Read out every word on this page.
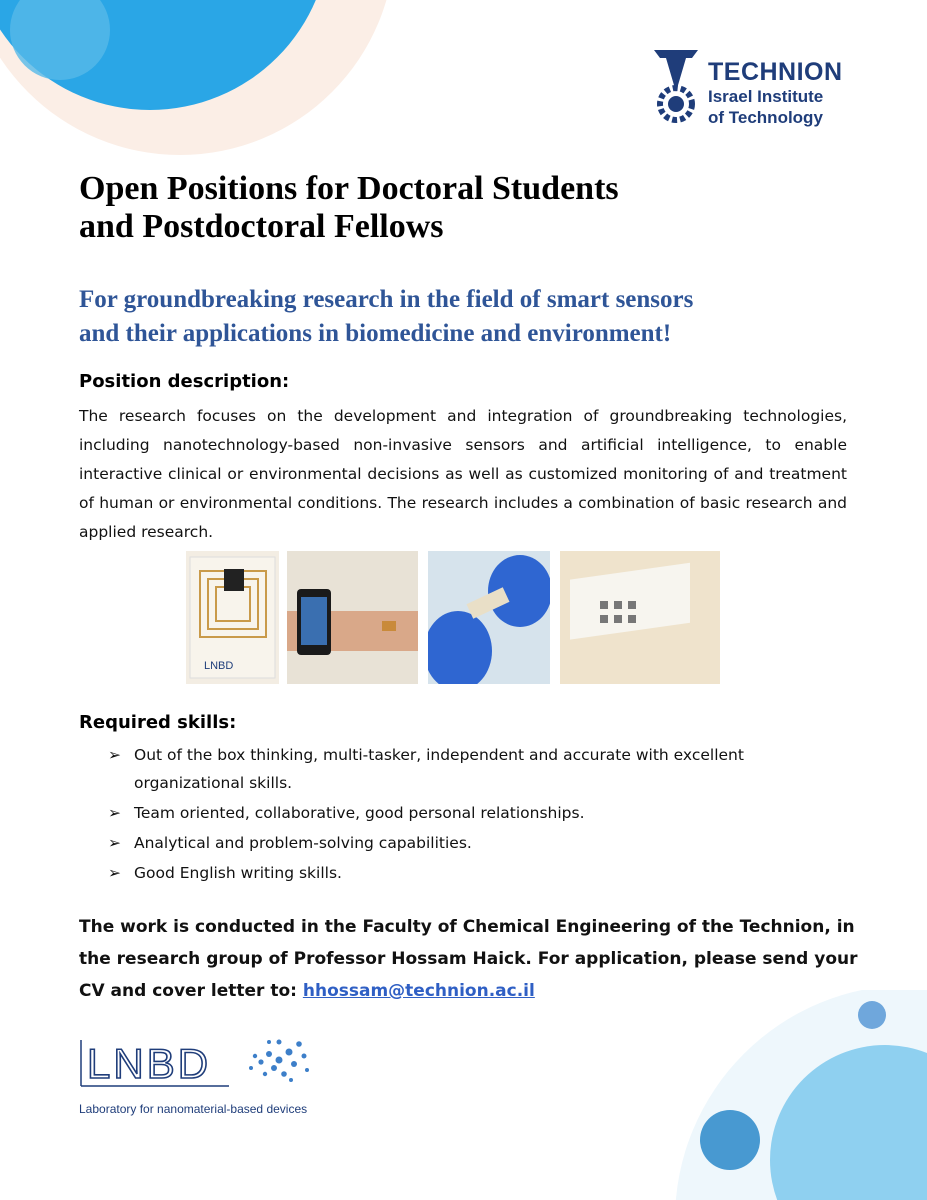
TECHNION
Israel Institute
of Technology
Open Positions for Doctoral Students
and Postdoctoral Fellows

For groundbreaking research in the field of smart sensors
and their applications in biomedicine and environment!

Position description:

The research focuses on the development and integration of groundbreaking technologies, including nanotechnology-based non-invasive sensors and artificial intelligence, to enable interactive clinical or environmental decisions as well as customized monitoring of and treatment of human or environmental conditions. The research includes a combination of basic research and applied research.

LNBD
Required skills:
➢ Out of the box thinking, multi-tasker, independent and accurate with excellent organizational skills.
➢ Team oriented, collaborative, good personal relationships.
➢ Analytical and problem-solving capabilities.
➢ Good English writing skills.

The work is conducted in the Faculty of Chemical Engineering of the Technion, in the research group of Professor Hossam Haick. For application, please send your CV and cover letter to: hhossam@technion.ac.il

LNBD
Laboratory for nanomaterial-based devices
